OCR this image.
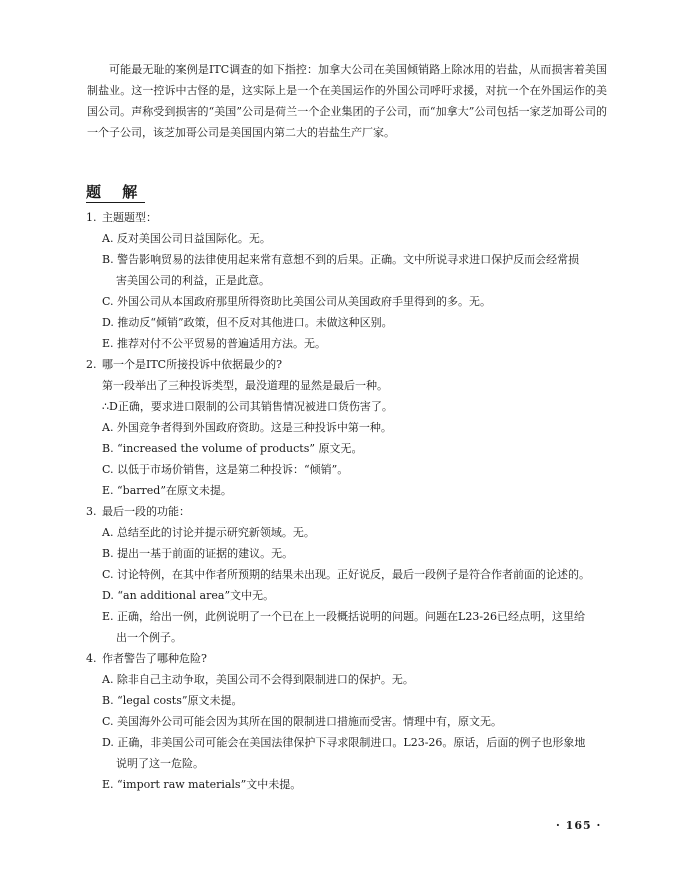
可能最无耻的案例是ITC调查的如下指控：加拿大公司在美国倾销路上除冰用的岩盐，从而损害着美国制盐业。这一控诉中古怪的是，这实际上是一个在美国运作的外国公司呼吁求援，对抗一个在外国运作的美国公司。声称受到损害的“美国”公司是荷兰一个企业集团的子公司，而“加拿大”公司包括一家芝加哥公司的一个子公司，该芝加哥公司是美国国内第二大的岩盐生产厂家。

题 解
1. 主题题型：
A. 反对美国公司日益国际化。无。
B. 警告影响贸易的法律使用起来常有意想不到的后果。正确。文中所说寻求进口保护反而会经常损
害美国公司的利益，正是此意。
C. 外国公司从本国政府那里所得资助比美国公司从美国政府手里得到的多。无。
D. 推动反“倾销”政策，但不反对其他进口。未做这种区别。
E. 推荐对付不公平贸易的普遍适用方法。无。
2. 哪一个是ITC所接投诉中依据最少的?
第一段举出了三种投诉类型，最没道理的显然是最后一种。
∴D正确，要求进口限制的公司其销售情况被进口货伤害了。
A. 外国竞争者得到外国政府资助。这是三种投诉中第一种。
B. “increased the volume of products” 原文无。
C. 以低于市场价销售，这是第二种投诉：“倾销”。
E. “barred”在原文未提。
3. 最后一段的功能：
A. 总结至此的讨论并提示研究新领域。无。
B. 提出一基于前面的证据的建议。无。
C. 讨论特例，在其中作者所预期的结果未出现。正好说反，最后一段例子是符合作者前面的论述的。
D. “an additional area”文中无。
E. 正确，给出一例，此例说明了一个已在上一段概括说明的问题。问题在L23-26已经点明，这里给
出一个例子。
4. 作者警告了哪种危险?
A. 除非自己主动争取，美国公司不会得到限制进口的保护。无。
B. “legal costs”原文未提。
C. 美国海外公司可能会因为其所在国的限制进口措施而受害。情理中有，原文无。
D. 正确，非美国公司可能会在美国法律保护下寻求限制进口。L23-26。原话，后面的例子也形象地
说明了这一危险。
E. “import raw materials”文中未提。
· 165 ·
